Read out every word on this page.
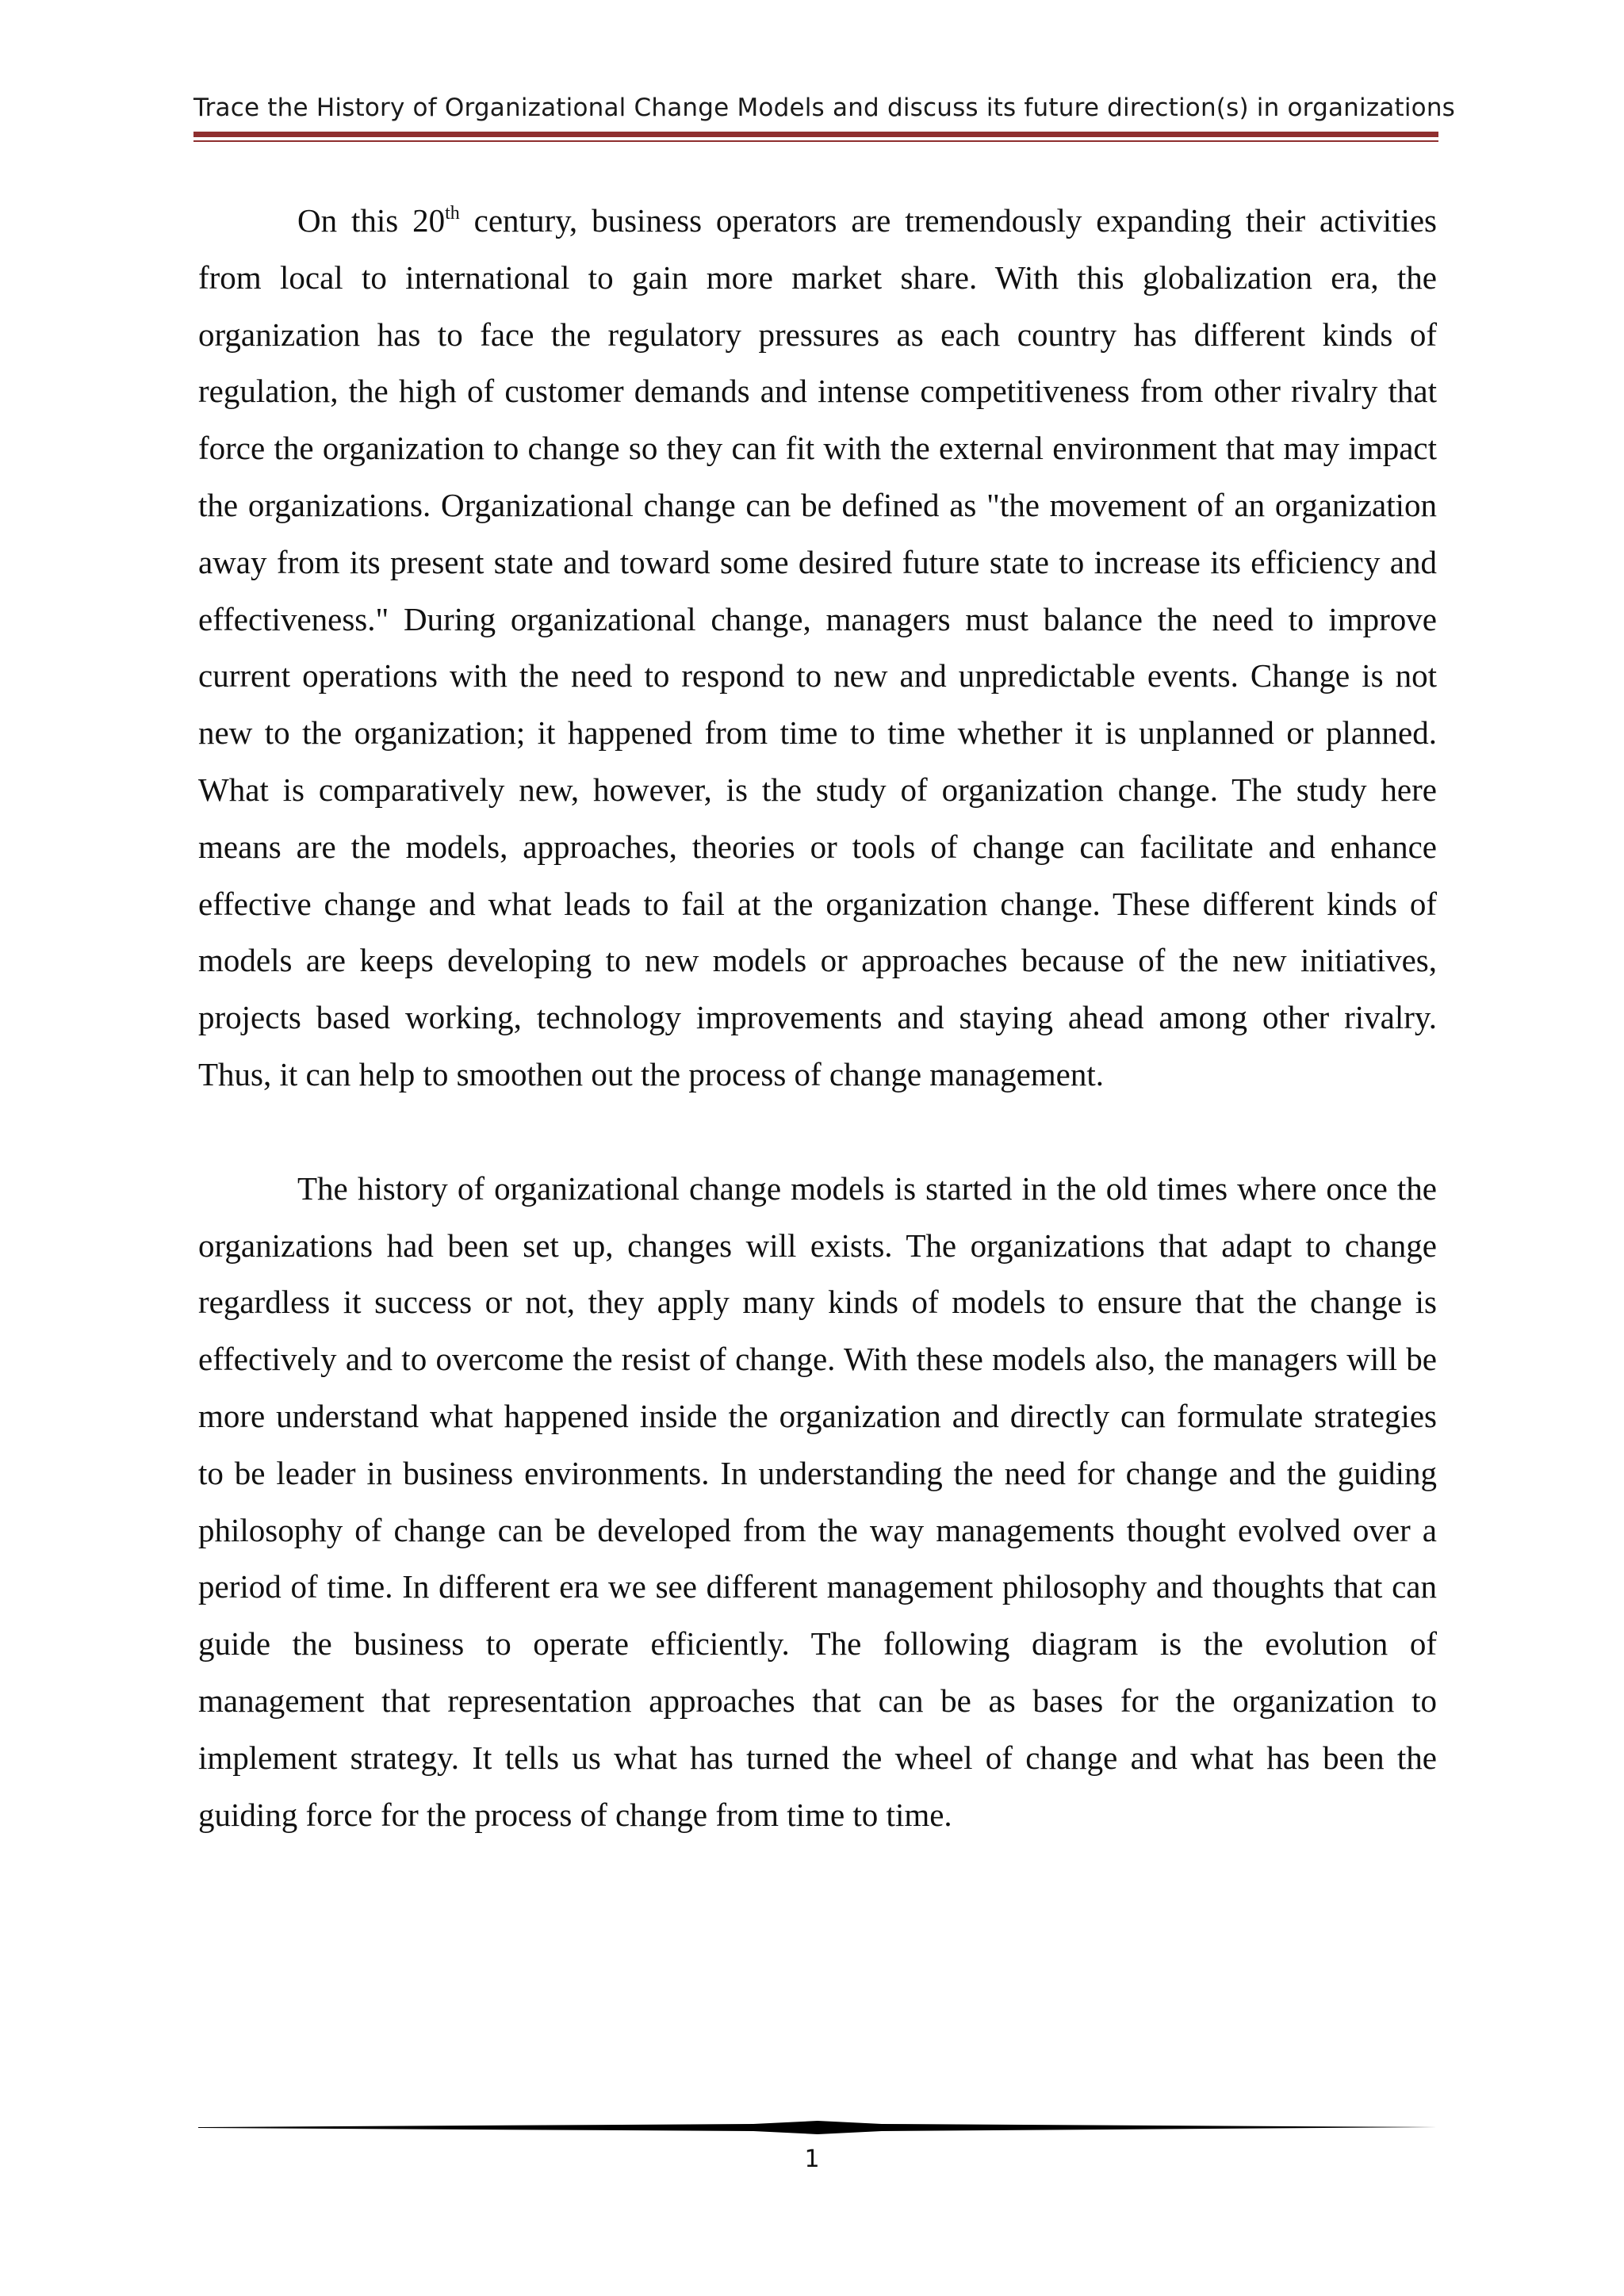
Trace the History of Organizational Change Models and discuss its future direction(s) in organizations

On this 20th century, business operators are tremendously expanding their activities from local to international to gain more market share. With this globalization era, the organization has to face the regulatory pressures as each country has different kinds of regulation, the high of customer demands and intense competitiveness from other rivalry that force the organization to change so they can fit with the external environment that may impact the organizations. Organizational change can be defined as "the movement of an organization away from its present state and toward some desired future state to increase its efficiency and effectiveness." During organizational change, managers must balance the need to improve current operations with the need to respond to new and unpredictable events. Change is not new to the organization; it happened from time to time whether it is unplanned or planned. What is comparatively new, however, is the study of organization change. The study here means are the models, approaches, theories or tools of change can facilitate and enhance effective change and what leads to fail at the organization change. These different kinds of models are keeps developing to new models or approaches because of the new initiatives, projects based working, technology improvements and staying ahead among other rivalry. Thus, it can help to smoothen out the process of change management.

The history of organizational change models is started in the old times where once the organizations had been set up, changes will exists. The organizations that adapt to change regardless it success or not, they apply many kinds of models to ensure that the change is effectively and to overcome the resist of change. With these models also, the managers will be more understand what happened inside the organization and directly can formulate strategies to be leader in business environments. In understanding the need for change and the guiding philosophy of change can be developed from the way managements thought evolved over a period of time. In different era we see different management philosophy and thoughts that can guide the business to operate efficiently. The following diagram is the evolution of management that representation approaches that can be as bases for the organization to implement strategy. It tells us what has turned the wheel of change and what has been the guiding force for the process of change from time to time.

1
